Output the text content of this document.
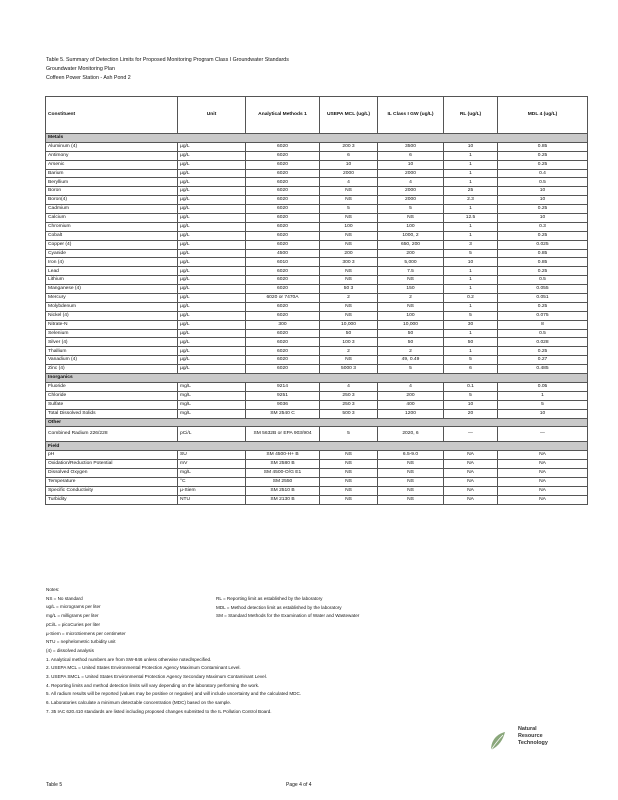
Table 5. Summary of Detection Limits for Proposed Monitoring Program Class I Groundwater Standards
Groundwater Monitoring Plan
Coffeen Power Station - Ash Pond 2
Constituent	Unit	Analytical Methods 1	USEPA MCL (ug/L)	IL Class I GW (ug/L)	RL (ug/L)	MDL 4 (ug/L)
Metals						
Aluminum (4)	µg/L	6020	200 3	3500	10	0.85
Antimony	µg/L	6020	6	6	1	0.25
Arsenic	µg/L	6020	10	10	1	0.25
Barium	µg/L	6020	2000	2000	1	0.4
Beryllium	µg/L	6020	4	4	1	0.5
Boron	µg/L	6020	NS	2000	25	10
Boron(4)	µg/L	6020	NS	2000	2.3	10
Cadmium	µg/L	6020	5	5	1	0.25
Calcium	µg/L	6020	NS	NS	12.5	10
Chromium	µg/L	6020	100	100	1	0.3
Cobalt	µg/L	6020	NS	1000, 2	1	0.25
Copper (4)	µg/L	6020	NS	650, 200	3	0.025
Cyanide	µg/L	4500	200	200	5	0.85
Iron (4)	µg/L	6010	300 3	5,000	10	0.85
Lead	µg/L	6020	NS	7.5	1	0.25
Lithium	µg/L	6020	NS	NS	1	0.5
Manganese (4)	µg/L	6020	50 3	150	1	0.055
Mercury	µg/L	6020 or 7470A	2	2	0.2	0.051
Molybdenum	µg/L	6020	NS	NS	1	0.25
Nickel (4)	µg/L	6020	NS	100	5	0.075
Nitrate-N	µg/L	300	10,000	10,000	30	8
Selenium	µg/L	6020	50	50	1	0.5
Silver (4)	µg/L	6020	100 3	50	50	0.028
Thallium	µg/L	6020	2	2	1	0.25
Vanadium (4)	µg/L	6020	NS	49, 0.49	5	0.27
Zinc (4)	µg/L	6020	5000 3	5	6	0.485
Inorganics						
Fluoride	mg/L	9214	4	4	0.1	0.05
Chloride	mg/L	9251	250 3	200	5	1
Sulfate	mg/L	9036	250 3	400	10	5
Total Dissolved Solids	mg/L	SM 2540 C	500 3	1200	20	10
Other						
Combined Radium 226/228	pCi/L	SM 5632B or EPA 903/904	5	2020, 6	—	—
Field						
pH	SU	SM 4500-H+ B	NS	6.5-9.0	NA	NA
Oxidation/Reduction Potential	mV	SM 2580 B	NS	NS	NA	NA
Dissolved Oxygen	mg/L	SM 4500-O/G E1	NS	NS	NA	NA
Temperature	°C	SM 2550	NS	NS	NA	NA
Specific Conductivity	µ-Siem	SM 2510 B	NS	NS	NA	NA
Turbidity	NTU	SM 2130 B	NS	NS	NA	NA
Notes:
NS = No standard
ug/L = micrograms per liter
mg/L = milligrams per liter
pCi/L = picoCuries per liter
µ-Siem = microSiemens per centimeter
NTU = nephelometric turbidity unit
(4) = dissolved analysis
1. Analytical method numbers are from SW-846 unless otherwise noted/specified.
2. USEPA MCL = United States Environmental Protection Agency Maximum Contaminant Level.
3. USEPA SMCL = United States Environmental Protection Agency Secondary Maximum Contaminant Level.
4. Reporting limits and method detection limits will vary depending on the laboratory performing the work.
5. All radium results will be reported (values may be positive or negative) and will include uncertainty and the calculated MDC.
6. Laboratories calculate a minimum detectable concentration (MDC) based on the sample.
7. 35 IAC 620.410 standards are listed including proposed changes submitted to the IL Pollution Control Board.
RL = Reporting limit as established by the laboratory
MDL = Method detection limit as established by the laboratory
SM = Standard Methods for the Examination of Water and Wastewater
Natural
Resource
Technology
Table 5	Page 4 of 4
